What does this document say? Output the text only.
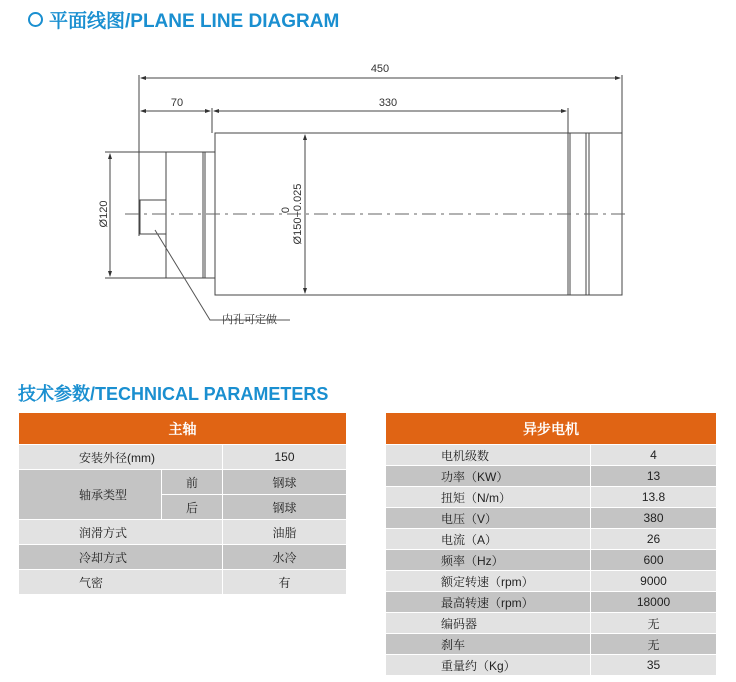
平面线图/PLANE LINE DIAGRAM
450
70	330
Ø120	Ø150−0.025
0
内孔可定做
技术参数/TECHNICAL PARAMETERS
主轴		
安装外径(mm)		150
轴承类型	前	钢球
	后	钢球
润滑方式		油脂
冷却方式		水冷
气密		有
异步电机	
电机级数	4
功率（KW）	13
扭矩（N/m）	13.8
电压（V）	380
电流（A）	26
频率（Hz）	600
额定转速（rpm）	9000
最高转速（rpm）	18000
编码器	无
刹车	无
重量约（Kg）	35
